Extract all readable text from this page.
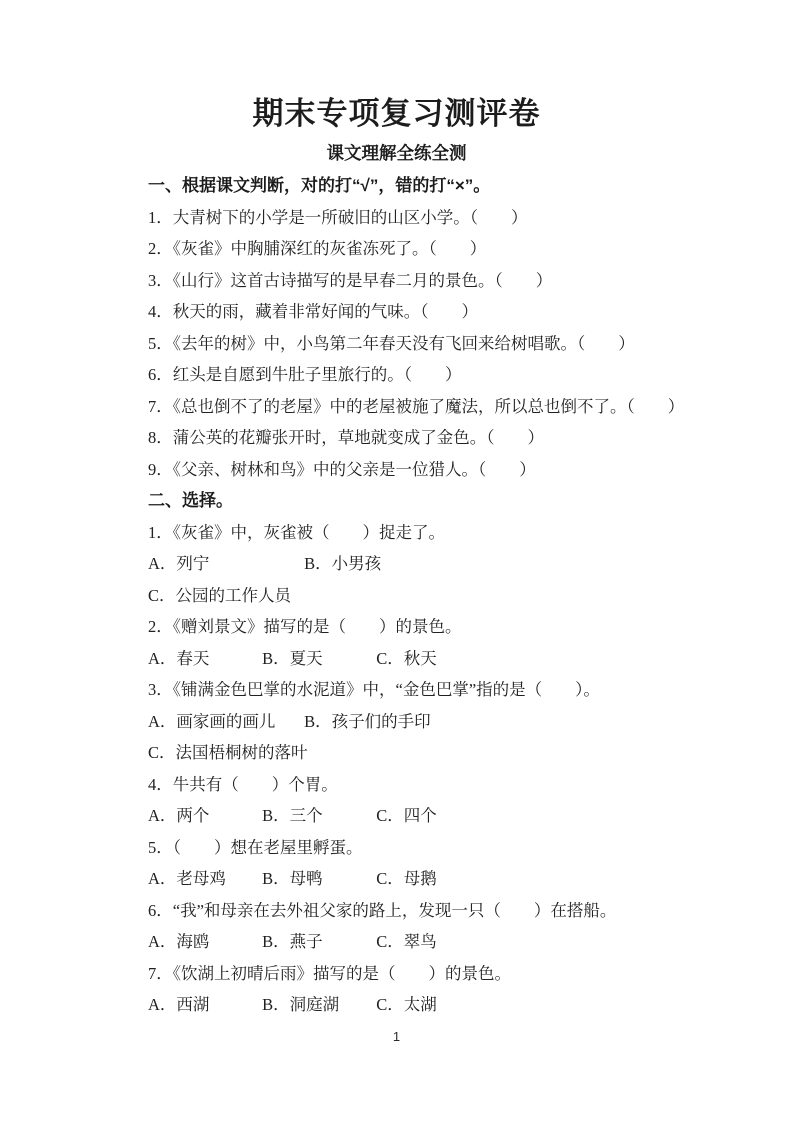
期末专项复习测评卷
课文理解全练全测
一、根据课文判断，对的打“√”，错的打“×”。
1．大青树下的小学是一所破旧的山区小学。（　　）
2．《灰雀》中胸脯深红的灰雀冻死了。（　　）
3．《山行》这首古诗描写的是早春二月的景色。（　　）
4．秋天的雨，藏着非常好闻的气味。（　　）
5．《去年的树》中，小鸟第二年春天没有飞回来给树唱歌。（　　）
6．红头是自愿到牛肚子里旅行的。（　　）
7．《总也倒不了的老屋》中的老屋被施了魔法，所以总也倒不了。（　　）
8．蒲公英的花瓣张开时，草地就变成了金色。（　　）
9．《父亲、树林和鸟》中的父亲是一位猎人。（　　）
二、选择。
1．《灰雀》中，灰雀被（　　）捉走了。
A．列宁	B．小男孩
C．公园的工作人员
2．《赠刘景文》描写的是（　　）的景色。
A．春天	B．夏天	C．秋天
3．《铺满金色巴掌的水泥道》中，“金色巴掌”指的是（　　）。
A．画家画的画儿 B．孩子们的手印
C．法国梧桐树的落叶
4．牛共有（　　）个胃。
A．两个	B．三个	C．四个
5．（　　）想在老屋里孵蛋。
A．老母鸡 B．母鸭	C．母鹅
6．“我”和母亲在去外祖父家的路上，发现一只（　　）在搭船。
A．海鸥	B．燕子	C．翠鸟
7．《饮湖上初晴后雨》描写的是（　　）的景色。
A．西湖	B．洞庭湖 C．太湖
1
